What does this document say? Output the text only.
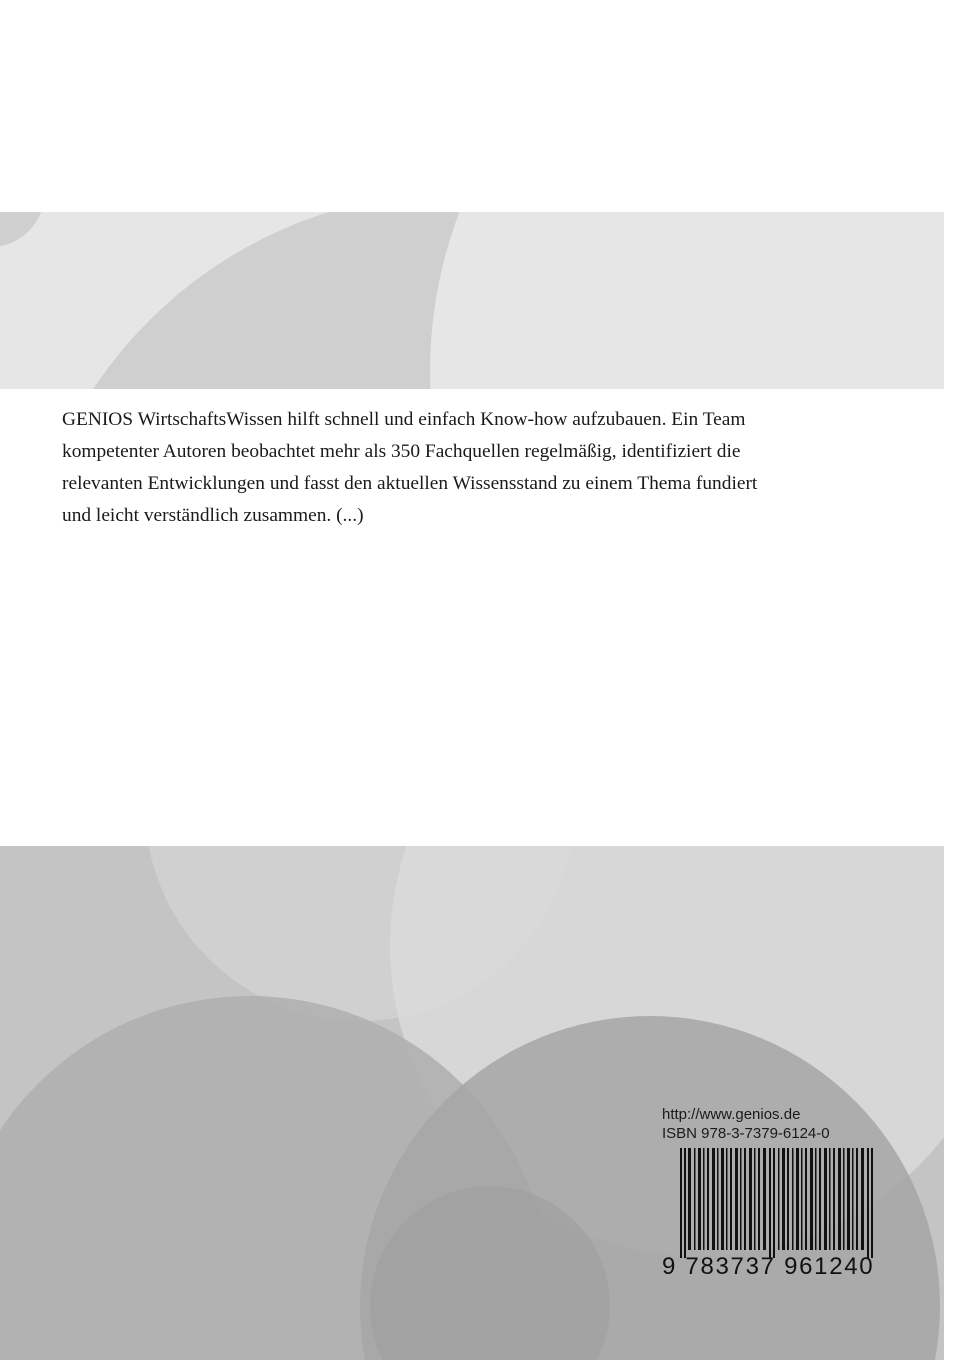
GENIOS WirtschaftsWissen hilft schnell und einfach Know-how aufzubauen. Ein Team
kompetenter Autoren beobachtet mehr als 350 Fachquellen regelmäßig, identifiziert die
relevanten Entwicklungen und fasst den aktuellen Wissensstand zu einem Thema fundiert
und leicht verständlich zusammen. (...)

http://www.genios.de
ISBN 978-3-7379-6124-0
9 783737 961240
